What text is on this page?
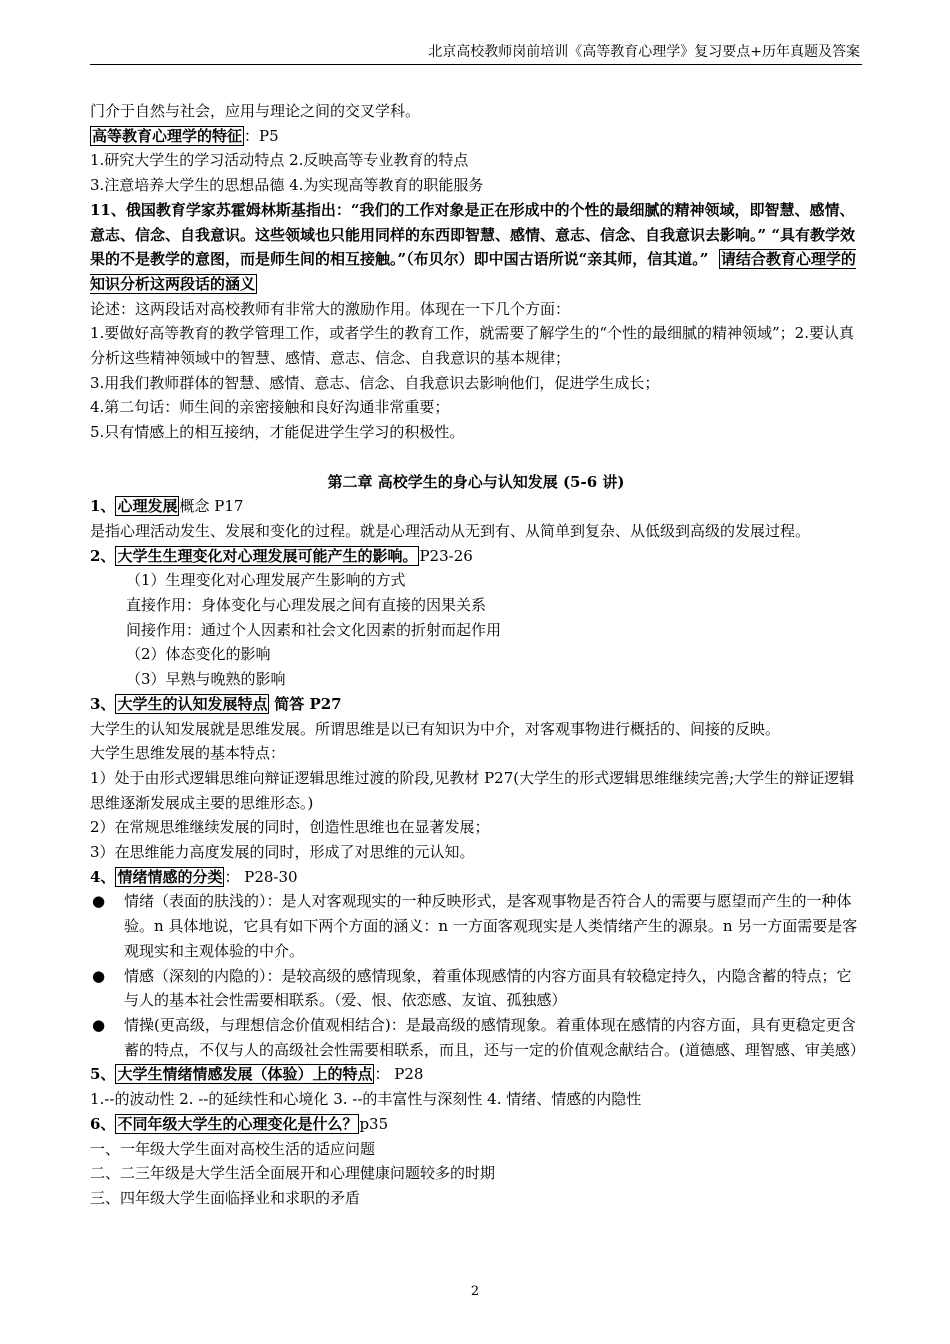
北京高校教师岗前培训《高等教育心理学》复习要点+历年真题及答案
门介于自然与社会，应用与理论之间的交叉学科。
高等教育心理学的特征 ：P5
1.研究大学生的学习活动特点 2.反映高等专业教育的特点
3.注意培养大学生的思想品德 4.为实现高等教育的职能服务
11、俄国教育学家苏霍姆林斯基指出：“我们的工作对象是正在形成中的个性的最细腻的精神领域，即智慧、感情、意志、信念、自我意识。这些领域也只能用同样的东西即智慧、感情、意志、信念、自我意识去影响。” “具有教学效果的不是教学的意图，而是师生间的相互接触。”（布贝尔）即中国古语所说“亲其师，信其道。” 请结合教育心理学的知识分析这两段话的涵义
论述：这两段话对高校教师有非常大的激励作用。体现在一下几个方面：
1.要做好高等教育的教学管理工作，或者学生的教育工作，就需要了解学生的“个性的最细腻的精神领域”；2.要认真分析这些精神领域中的智慧、感情、意志、信念、自我意识的基本规律；
3.用我们教师群体的智慧、感情、意志、信念、自我意识去影响他们，促进学生成长；
4.第二句话：师生间的亲密接触和良好沟通非常重要；
5.只有情感上的相互接纳，才能促进学生学习的积极性。
第二章 高校学生的身心与认知发展 (5-6 讲)
1、 心理发展 概念 P17
是指心理活动发生、发展和变化的过程。就是心理活动从无到有、从简单到复杂、从低级到高级的发展过程。
2、 大学生生理变化对心理发展可能产生的影响。 P23-26
（1）生理变化对心理发展产生影响的方式
直接作用：身体变化与心理发展之间有直接的因果关系
间接作用：通过个人因素和社会文化因素的折射而起作用
（2）体态变化的影响
（3）早熟与晚熟的影响
3、 大学生的认知发展特点 简答 P27
大学生的认知发展就是思维发展。所谓思维是以已有知识为中介，对客观事物进行概括的、间接的反映。
大学生思维发展的基本特点：
1）处于由形式逻辑思维向辩证逻辑思维过渡的阶段,见教材 P27(大学生的形式逻辑思维继续完善;大学生的辩证逻辑思维逐渐发展成主要的思维形态。)
2）在常规思维继续发展的同时，创造性思维也在显著发展；
3）在思维能力高度发展的同时，形成了对思维的元认知。
4、 情绪情感的分类 ： P28-30
● 情绪（表面的肤浅的）：是人对客观现实的一种反映形式，是客观事物是否符合人的需要与愿望而产生的一种体验。n 具体地说，它具有如下两个方面的涵义：n 一方面客观现实是人类情绪产生的源泉。n 另一方面需要是客观现实和主观体验的中介。
● 情感（深刻的内隐的）：是较高级的感情现象，着重体现感情的内容方面具有较稳定持久，内隐含蓄的特点；它与人的基本社会性需要相联系。（爱、恨、依恋感、友谊、孤独感）
● 情操(更高级，与理想信念价值观相结合)：是最高级的感情现象。着重体现在感情的内容方面，具有更稳定更含蓄的特点，不仅与人的高级社会性需要相联系，而且，还与一定的价值观念献结合。(道德感、理智感、审美感）
5、 大学生情绪情感发展（体验）上的特点 ： P28
1.--的波动性 2. --的延续性和心境化 3. --的丰富性与深刻性 4. 情绪、情感的内隐性
6、 不同年级大学生的心理变化是什么？ p35
一、一年级大学生面对高校生活的适应问题
二、二三年级是大学生活全面展开和心理健康问题较多的时期
三、四年级大学生面临择业和求职的矛盾
2
